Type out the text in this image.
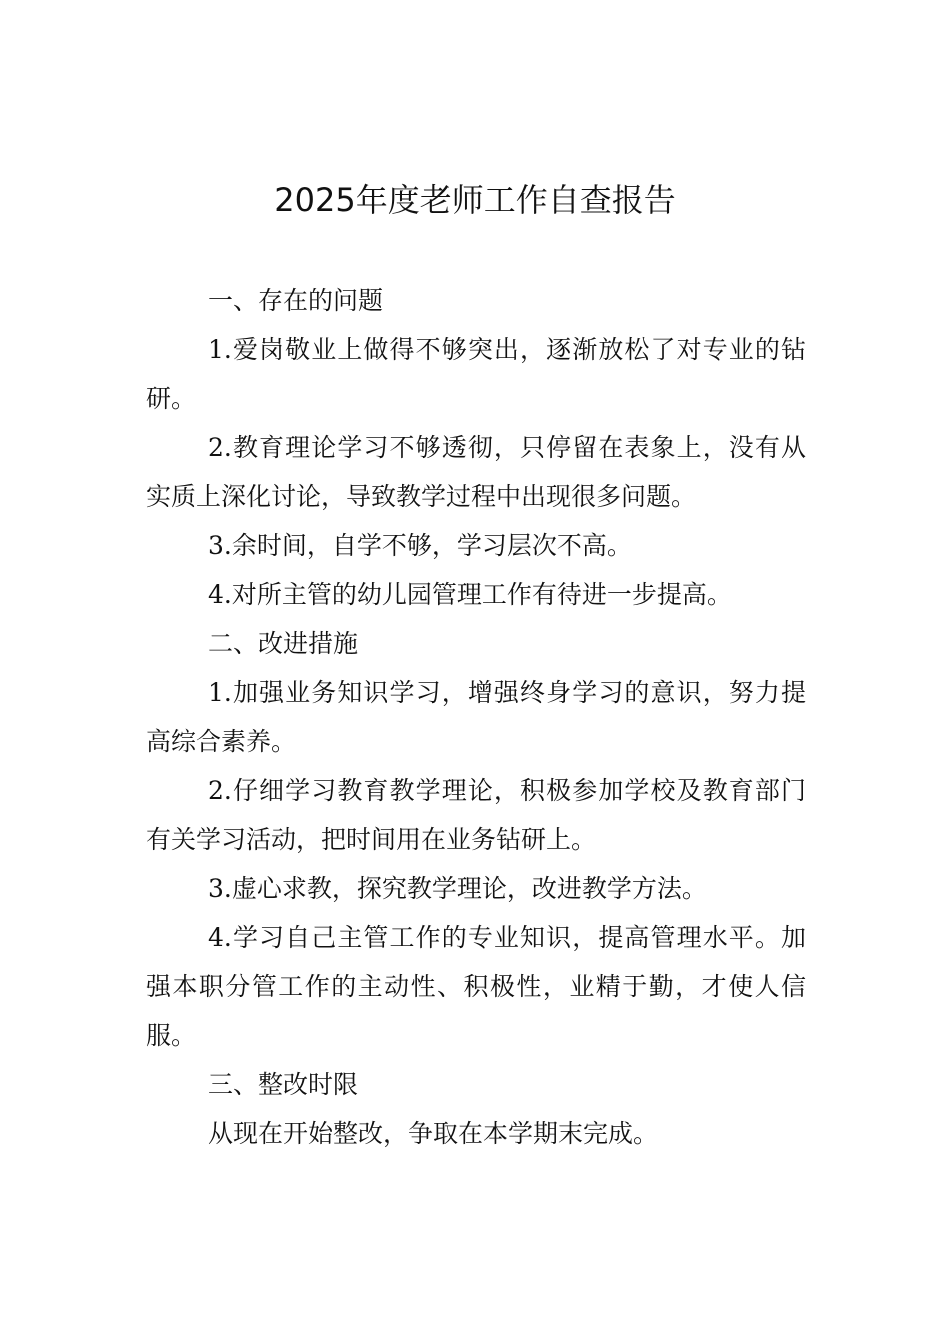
2025年度老师工作自查报告

一、存在的问题

1.爱岗敬业上做得不够突出，逐渐放松了对专业的钻研。

2.教育理论学习不够透彻，只停留在表象上，没有从实质上深化讨论，导致教学过程中出现很多问题。

3.余时间，自学不够，学习层次不高。

4.对所主管的幼儿园管理工作有待进一步提高。

二、改进措施

1.加强业务知识学习，增强终身学习的意识，努力提高综合素养。

2.仔细学习教育教学理论，积极参加学校及教育部门有关学习活动，把时间用在业务钻研上。

3.虚心求教，探究教学理论，改进教学方法。

4.学习自己主管工作的专业知识，提高管理水平。加强本职分管工作的主动性、积极性，业精于勤，才使人信服。

三、整改时限

从现在开始整改，争取在本学期末完成。
